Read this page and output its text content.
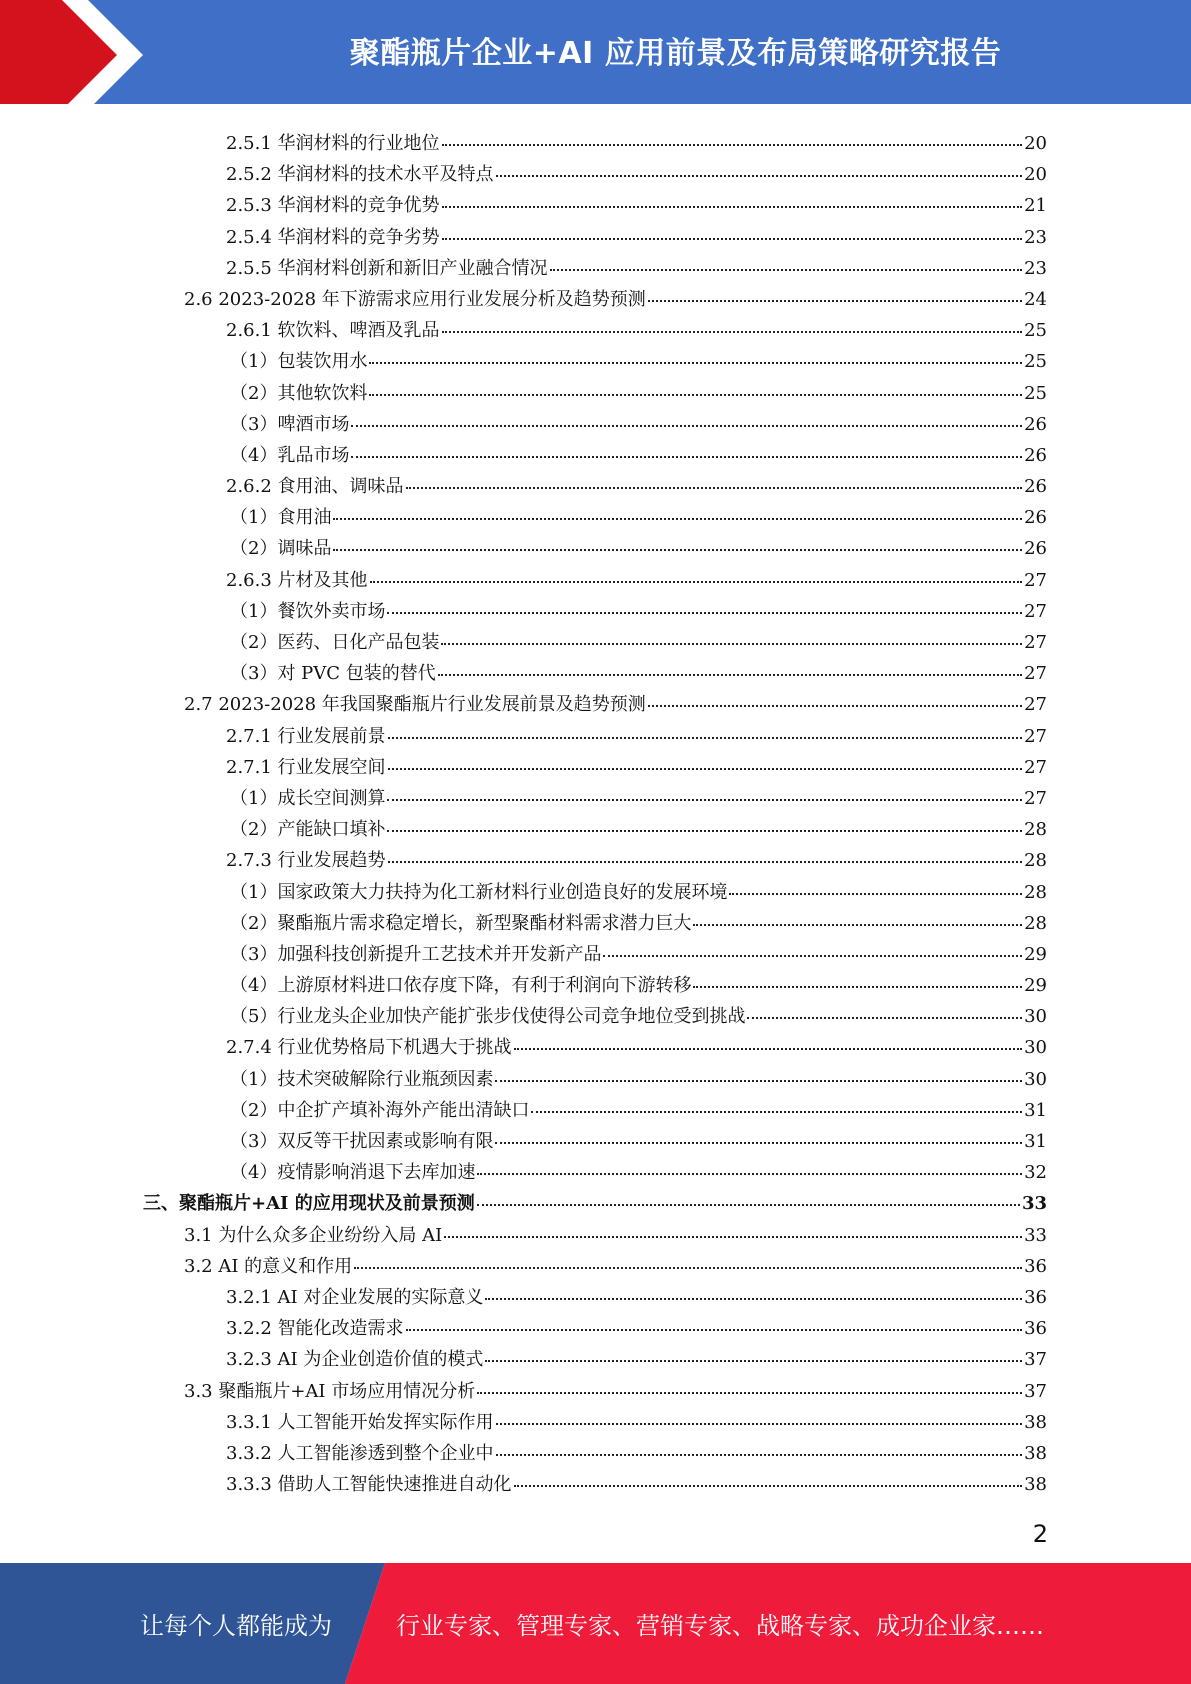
聚酯瓶片企业+AI 应用前景及布局策略研究报告
2.5.1 华润材料的行业地位	20
2.5.2 华润材料的技术水平及特点	20
2.5.3 华润材料的竞争优势	21
2.5.4 华润材料的竞争劣势	23
2.5.5 华润材料创新和新旧产业融合情况	23
2.6 2023-2028 年下游需求应用行业发展分析及趋势预测	24
2.6.1 软饮料、啤酒及乳品	25
（1）包装饮用水	25
（2）其他软饮料	25
（3）啤酒市场	26
（4）乳品市场	26
2.6.2 食用油、调味品	26
（1）食用油	26
（2）调味品	26
2.6.3 片材及其他	27
（1）餐饮外卖市场	27
（2）医药、日化产品包装	27
（3）对 PVC 包装的替代	27
2.7 2023-2028 年我国聚酯瓶片行业发展前景及趋势预测	27
2.7.1 行业发展前景	27
2.7.1 行业发展空间	27
（1）成长空间测算	27
（2）产能缺口填补	28
2.7.3 行业发展趋势	28
（1）国家政策大力扶持为化工新材料行业创造良好的发展环境	28
（2）聚酯瓶片需求稳定增长，新型聚酯材料需求潜力巨大	28
（3）加强科技创新提升工艺技术并开发新产品	29
（4）上游原材料进口依存度下降，有利于利润向下游转移	29
（5）行业龙头企业加快产能扩张步伐使得公司竞争地位受到挑战	30
2.7.4 行业优势格局下机遇大于挑战	30
（1）技术突破解除行业瓶颈因素	30
（2）中企扩产填补海外产能出清缺口	31
（3）双反等干扰因素或影响有限	31
（4）疫情影响消退下去库加速	32
三、聚酯瓶片+AI 的应用现状及前景预测	33
3.1 为什么众多企业纷纷入局 AI	33
3.2 AI 的意义和作用	36
3.2.1 AI 对企业发展的实际意义	36
3.2.2 智能化改造需求	36
3.2.3 AI 为企业创造价值的模式	37
3.3 聚酯瓶片+AI 市场应用情况分析	37
3.3.1 人工智能开始发挥实际作用	38
3.3.2 人工智能渗透到整个企业中	38
3.3.3 借助人工智能快速推进自动化	38
2
让每个人都能成为	行业专家、管理专家、营销专家、战略专家、成功企业家……
